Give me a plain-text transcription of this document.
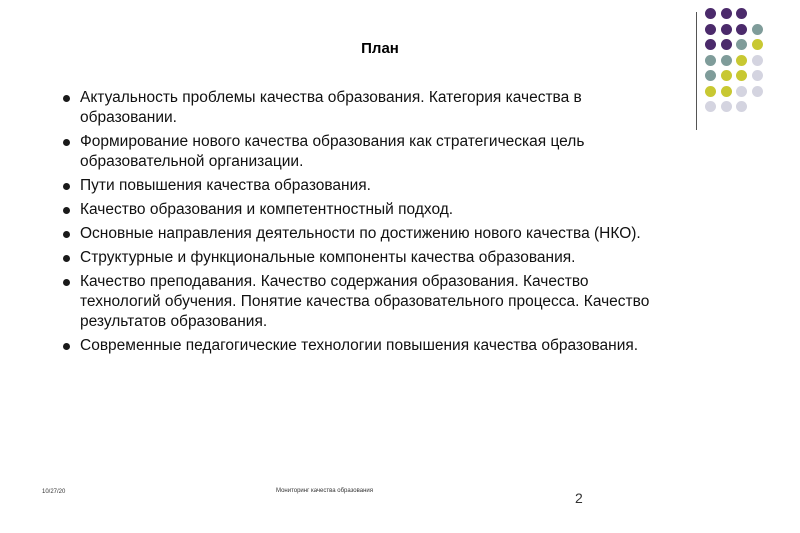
План
Актуальность проблемы качества образования. Категория качества в образовании.
Формирование нового качества образования как стратегическая цель образовательной организации.
Пути повышения качества образования.
Качество образования и компетентностный подход.
Основные направления деятельности по достижению нового качества (НКО).
Структурные и функциональные компоненты качества образования.
Качество преподавания. Качество содержания образования. Качество технологий обучения. Понятие качества образовательного процесса. Качество результатов образования.
Современные педагогические технологии повышения качества образования.
10/27/20	Мониторинг качества образования	2
